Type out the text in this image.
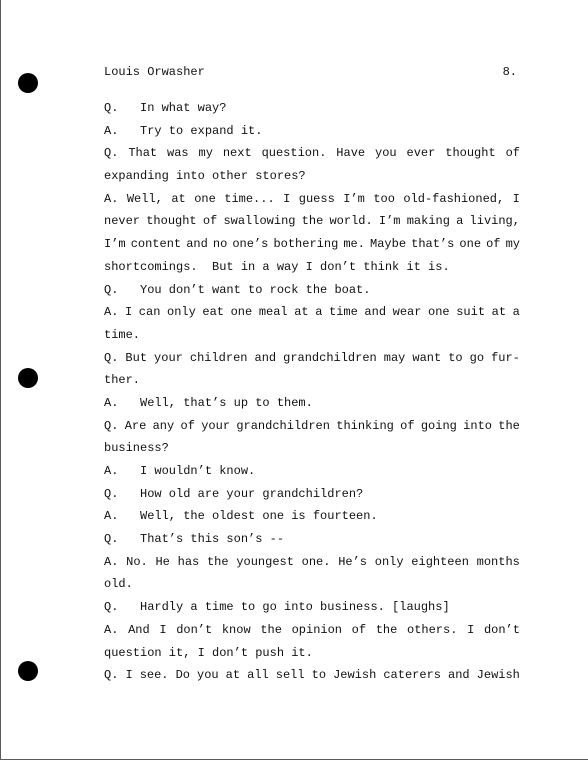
Louis Orwasher	8.
Q.   In what way?
A.   Try to expand it.
Q. That was my next question. Have you ever thought of
expanding into other stores?
A. Well, at one time... I guess I’m too old-fashioned, I
never thought of swallowing the world. I’m making a living,
I’m content and no one’s bothering me. Maybe that’s one of my
shortcomings.  But in a way I don’t think it is.
Q.   You don’t want to rock the boat.
A. I can only eat one meal at a time and wear one suit at a
time.
Q. But your children and grandchildren may want to go fur-
ther.
A.   Well, that’s up to them.
Q. Are any of your grandchildren thinking of going into the
business?
A.   I wouldn’t know.
Q.   How old are your grandchildren?
A.   Well, the oldest one is fourteen.
Q.   That’s this son’s --
A. No. He has the youngest one. He’s only eighteen months
old.
Q.   Hardly a time to go into business. [laughs]
A. And I don’t know the opinion of the others. I don’t
question it, I don’t push it.
Q. I see. Do you at all sell to Jewish caterers and Jewish
